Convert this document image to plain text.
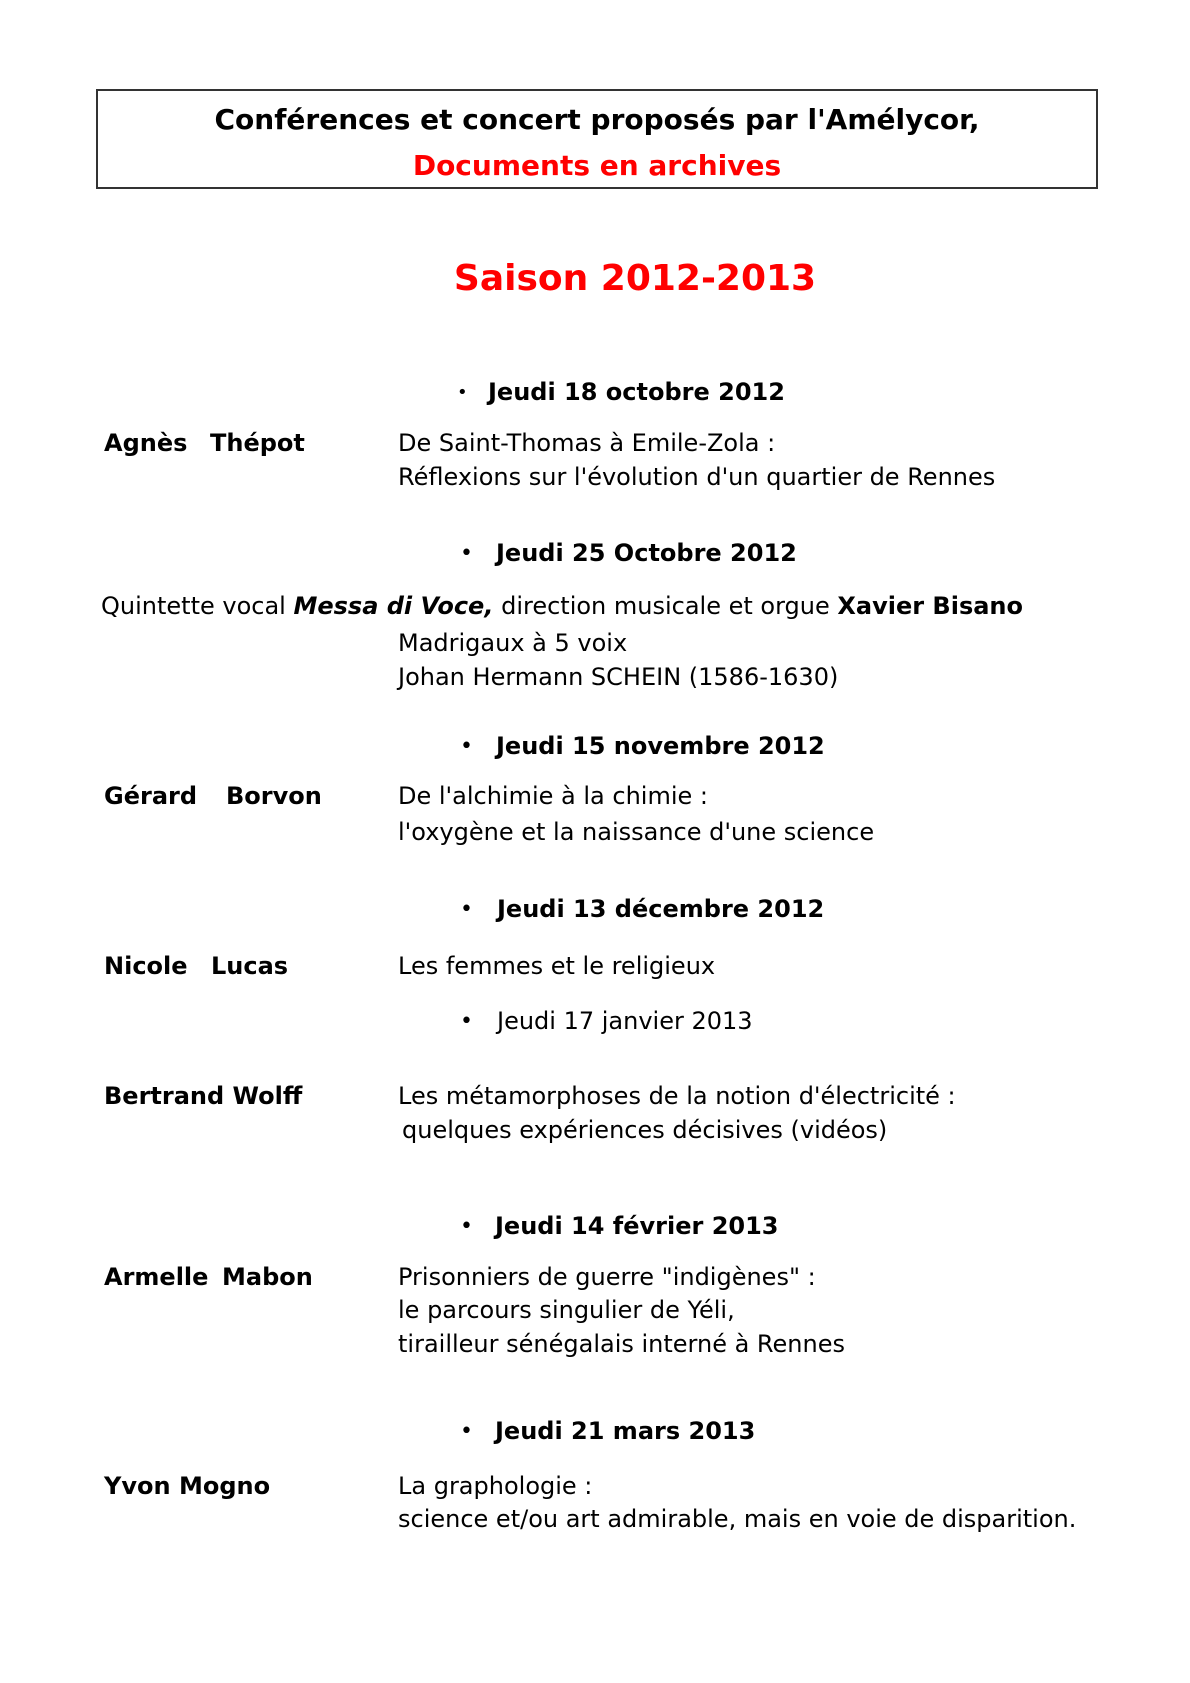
Conférences et concert proposés par l'Amélycor,
Documents en archives
Saison 2012-2013
• Jeudi 18 octobre 2012
Agnès Thépot	De Saint-Thomas à Emile-Zola :
Réflexions sur l'évolution d'un quartier de Rennes
• Jeudi 25 Octobre 2012
Quintette vocal Messa di Voce, direction musicale et orgue Xavier Bisano
Madrigaux à 5 voix
Johan Hermann SCHEIN (1586-1630)
• Jeudi 15 novembre 2012
Gérard Borvon	De l'alchimie à la chimie :
l'oxygène et la naissance d'une science
• Jeudi 13 décembre 2012
Nicole Lucas	Les femmes et le religieux
• Jeudi 17 janvier 2013
Bertrand Wolff	Les métamorphoses de la notion d'électricité :
quelques expériences décisives (vidéos)
• Jeudi 14 février 2013
Armelle Mabon	Prisonniers de guerre "indigènes" :
le parcours singulier de Yéli,
tirailleur sénégalais interné à Rennes
• Jeudi 21 mars 2013
Yvon Mogno	La graphologie :
science et/ou art admirable, mais en voie de disparition.
